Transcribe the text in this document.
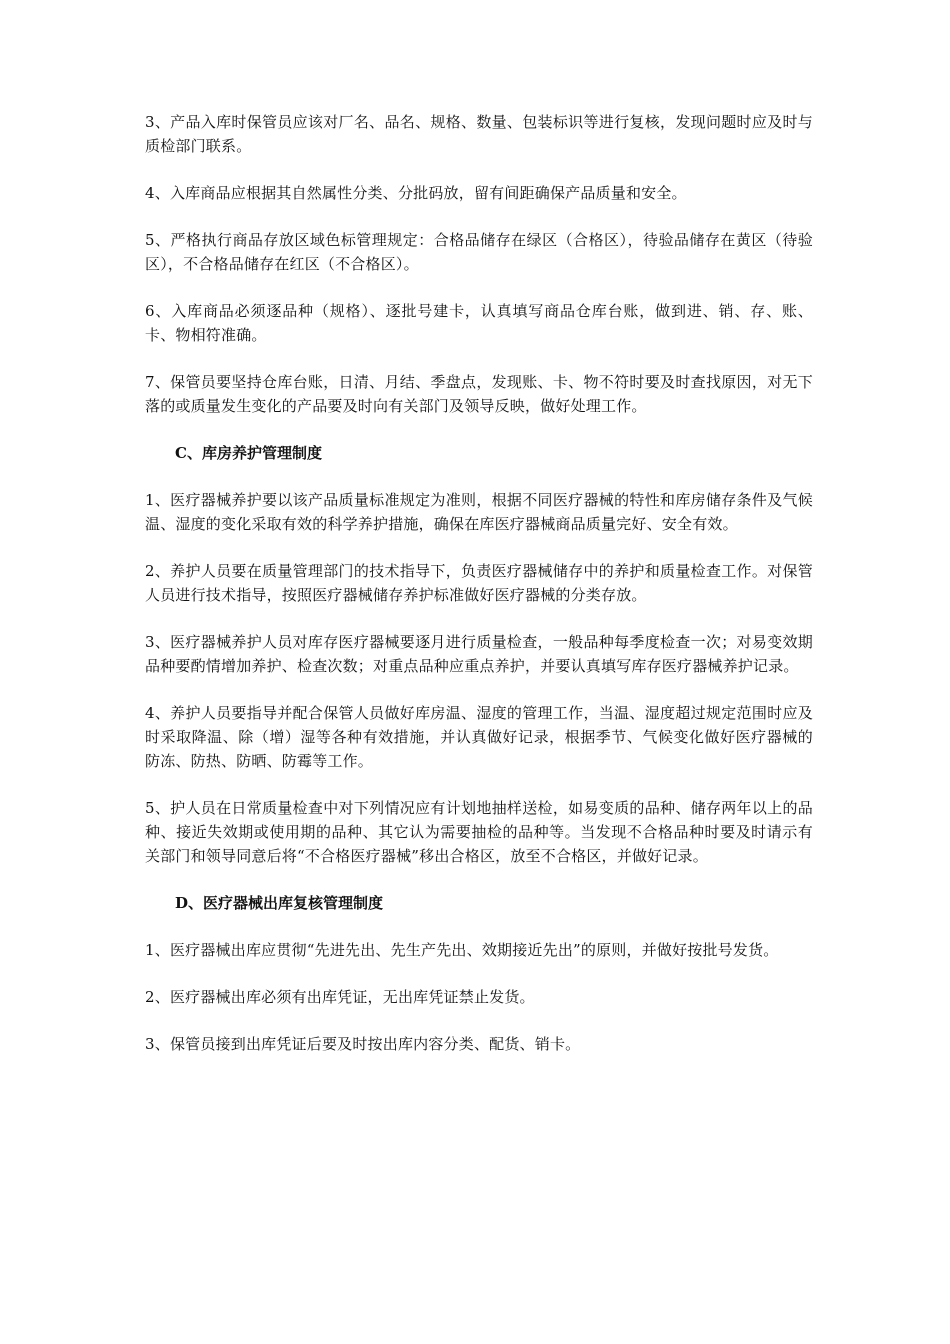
3、产品入库时保管员应该对厂名、品名、规格、数量、包装标识等进行复核，发现问题时应及时与质检部门联系。

4、入库商品应根据其自然属性分类、分批码放，留有间距确保产品质量和安全。

5、严格执行商品存放区域色标管理规定：合格品储存在绿区（合格区），待验品储存在黄区（待验区），不合格品储存在红区（不合格区）。

6、入库商品必须逐品种（规格）、逐批号建卡，认真填写商品仓库台账，做到进、销、存、账、卡、物相符准确。

7、保管员要坚持仓库台账，日清、月结、季盘点，发现账、卡、物不符时要及时查找原因，对无下落的或质量发生变化的产品要及时向有关部门及领导反映，做好处理工作。

C、库房养护管理制度

1、医疗器械养护要以该产品质量标准规定为准则，根据不同医疗器械的特性和库房储存条件及气候温、湿度的变化采取有效的科学养护措施，确保在库医疗器械商品质量完好、安全有效。

2、养护人员要在质量管理部门的技术指导下，负责医疗器械储存中的养护和质量检查工作。对保管人员进行技术指导，按照医疗器械储存养护标准做好医疗器械的分类存放。

3、医疗器械养护人员对库存医疗器械要逐月进行质量检查，一般品种每季度检查一次；对易变效期品种要酌情增加养护、检查次数；对重点品种应重点养护，并要认真填写库存医疗器械养护记录。

4、养护人员要指导并配合保管人员做好库房温、湿度的管理工作，当温、湿度超过规定范围时应及时采取降温、除（增）湿等各种有效措施，并认真做好记录，根据季节、气候变化做好医疗器械的防冻、防热、防晒、防霉等工作。

5、护人员在日常质量检查中对下列情况应有计划地抽样送检，如易变质的品种、储存两年以上的品种、接近失效期或使用期的品种、其它认为需要抽检的品种等。当发现不合格品种时要及时请示有关部门和领导同意后将“不合格医疗器械”移出合格区，放至不合格区，并做好记录。

D、医疗器械出库复核管理制度

1、医疗器械出库应贯彻“先进先出、先生产先出、效期接近先出”的原则，并做好按批号发货。

2、医疗器械出库必须有出库凭证，无出库凭证禁止发货。

3、保管员接到出库凭证后要及时按出库内容分类、配货、销卡。
